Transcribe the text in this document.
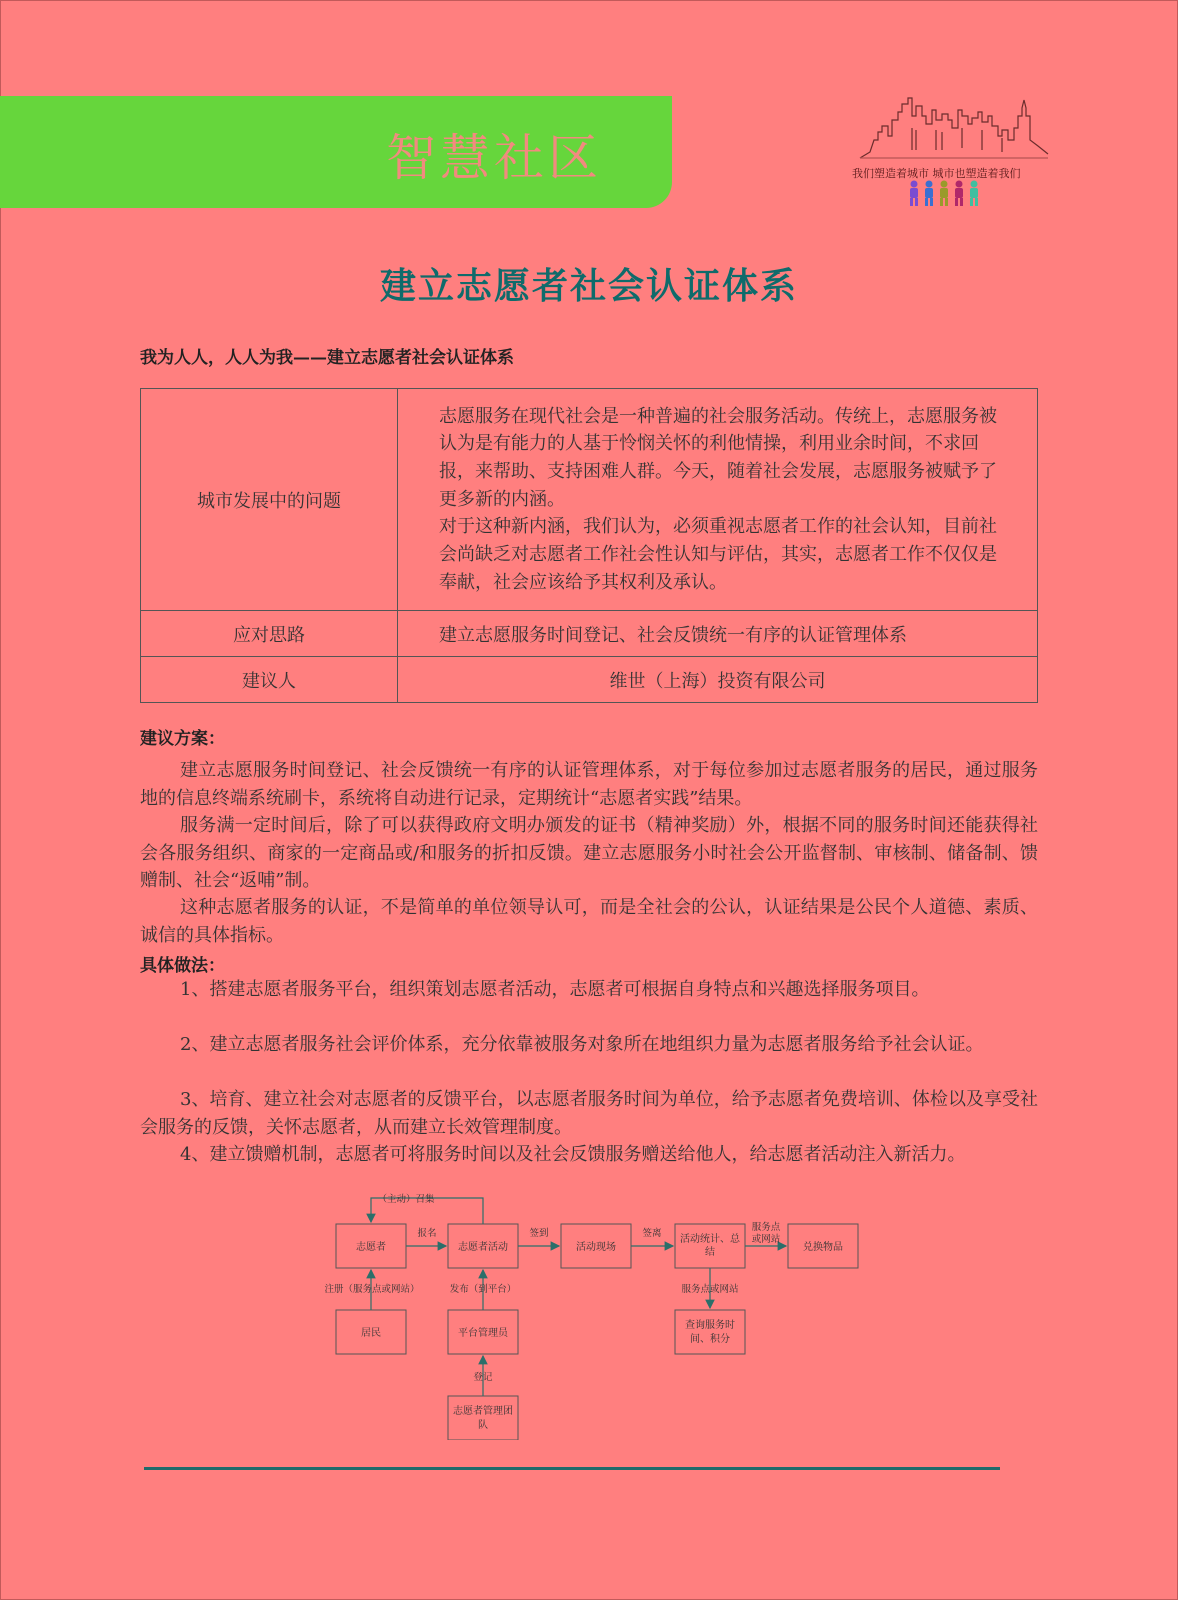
智慧社区	我们塑造着城市 城市也塑造着我们
建立志愿者社会认证体系
我为人人，人人为我——建立志愿者社会认证体系
城市发展中的问题	志愿服务在现代社会是一种普遍的社会服务活动。传统上，志愿服务被认为是有能力的人基于怜悯关怀的利他情操，利用业余时间，不求回报，来帮助、支持困难人群。今天，随着社会发展，志愿服务被赋予了更多新的内涵。
对于这种新内涵，我们认为，必须重视志愿者工作的社会认知，目前社会尚缺乏对志愿者工作社会性认知与评估，其实，志愿者工作不仅仅是奉献，社会应该给予其权利及承认。

应对思路	建立志愿服务时间登记、社会反馈统一有序的认证管理体系
建议人	维世（上海）投资有限公司
建议方案：
建立志愿服务时间登记、社会反馈统一有序的认证管理体系，对于每位参加过志愿者服务的居民，通过服务地的信息终端系统刷卡，系统将自动进行记录，定期统计“志愿者实践”结果。
服务满一定时间后，除了可以获得政府文明办颁发的证书（精神奖励）外，根据不同的服务时间还能获得社会各服务组织、商家的一定商品或/和服务的折扣反馈。建立志愿服务小时社会公开监督制、审核制、储备制、馈赠制、社会“返哺”制。
这种志愿者服务的认证，不是简单的单位领导认可，而是全社会的公认，认证结果是公民个人道德、素质、诚信的具体指标。
具体做法：
1、搭建志愿者服务平台，组织策划志愿者活动，志愿者可根据自身特点和兴趣选择服务项目。
2、建立志愿者服务社会评价体系，充分依靠被服务对象所在地组织力量为志愿者服务给予社会认证。
3、培育、建立社会对志愿者的反馈平台，以志愿者服务时间为单位，给予志愿者免费培训、体检以及享受社会服务的反馈，关怀志愿者，从而建立长效管理制度。
4、建立馈赠机制，志愿者可将服务时间以及社会反馈服务赠送给他人，给志愿者活动注入新活力。
志愿者	志愿者活动	活动现场
活动统计、总
结	兑换物品
居民	平台管理员
志愿者管理团
队
查询服务时
间、积分
（主动）召集
报名	签到	签离
服务点
或网站
注册（服务点或网站）	发布（到平台）
登记
服务点或网站
